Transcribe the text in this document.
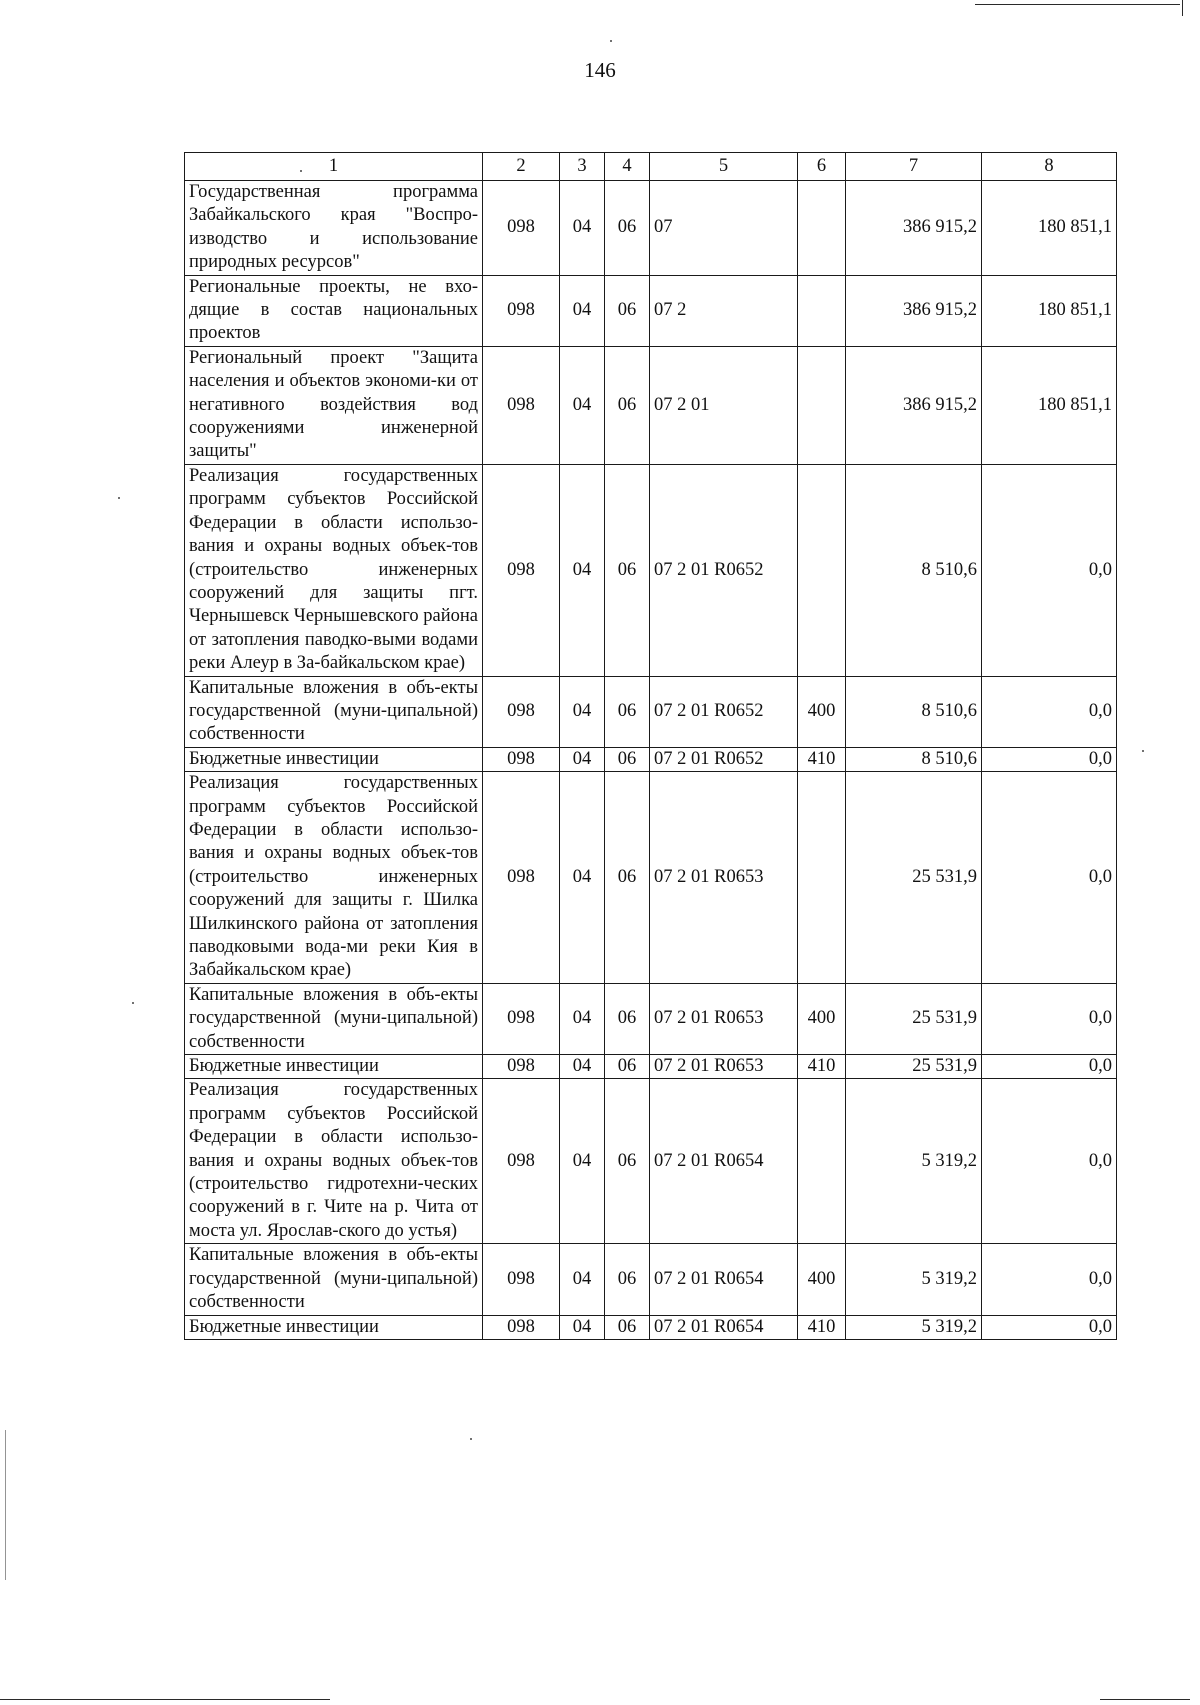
146
1	2	3	4	5	6	7	8
Государственная программа Забайкальского края "Воспро-изводство и использование природных ресурсов"	098	04	06	07		386 915,2	180 851,1
Региональные проекты, не вхо-дящие в состав национальных проектов	098	04	06	07 2		386 915,2	180 851,1
Региональный проект "Защита населения и объектов экономи-ки от негативного воздействия вод сооружениями инженерной защиты"	098	04	06	07 2 01		386 915,2	180 851,1
Реализация государственных программ субъектов Российской Федерации в области использо-вания и охраны водных объек-тов (строительство инженерных сооружений для защиты пгт. Чернышевск Чернышевского района от затопления паводко-выми водами реки Алеур в За-байкальском крае)	098	04	06	07 2 01 R0652		8 510,6	0,0
Капитальные вложения в объ-екты государственной (муни-ципальной) собственности	098	04	06	07 2 01 R0652	400	8 510,6	0,0
Бюджетные инвестиции	098	04	06	07 2 01 R0652	410	8 510,6	0,0
Реализация государственных программ субъектов Российской Федерации в области использо-вания и охраны водных объек-тов (строительство инженерных сооружений для защиты г. Шилка Шилкинского района от затопления паводковыми вода-ми реки Кия в Забайкальском крае)	098	04	06	07 2 01 R0653		25 531,9	0,0
Капитальные вложения в объ-екты государственной (муни-ципальной) собственности	098	04	06	07 2 01 R0653	400	25 531,9	0,0
Бюджетные инвестиции	098	04	06	07 2 01 R0653	410	25 531,9	0,0
Реализация государственных программ субъектов Российской Федерации в области использо-вания и охраны водных объек-тов (строительство гидротехни-ческих сооружений в г. Чите на р. Чита от моста ул. Ярослав-ского до устья)	098	04	06	07 2 01 R0654		5 319,2	0,0
Капитальные вложения в объ-екты государственной (муни-ципальной) собственности	098	04	06	07 2 01 R0654	400	5 319,2	0,0
Бюджетные инвестиции	098	04	06	07 2 01 R0654	410	5 319,2	0,0
